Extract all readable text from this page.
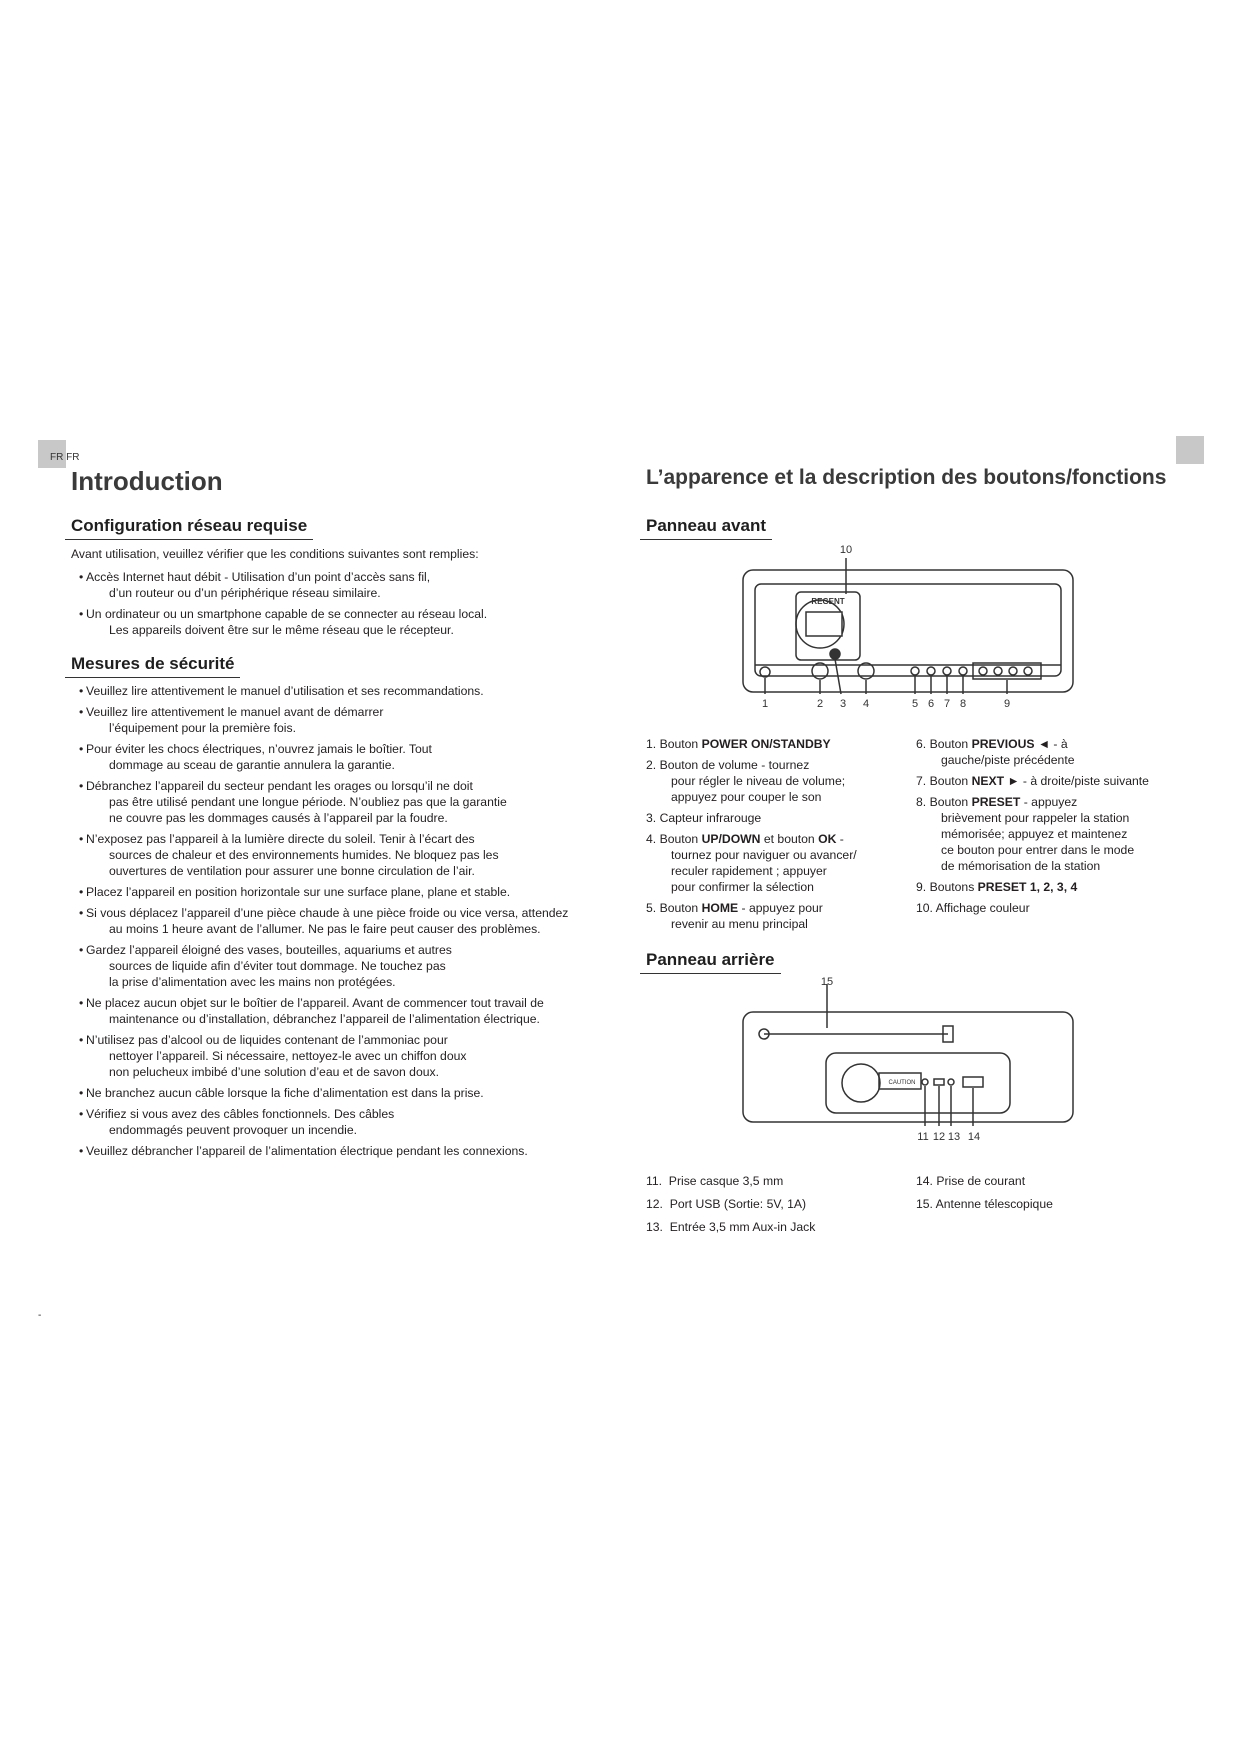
FR FR
Introduction
Configuration réseau requise

Avant utilisation, veuillez vérifier que les conditions suivantes sont remplies:

• Accès Internet haut débit - Utilisation d’un point d’accès sans fil,
d’un routeur ou d’un périphérique réseau similaire.
• Un ordinateur ou un smartphone capable de se connecter au réseau local.
Les appareils doivent être sur le même réseau que le récepteur.
Mesures de sécurité
• Veuillez lire attentivement le manuel d’utilisation et ses recommandations.
• Veuillez lire attentivement le manuel avant de démarrer
l’équipement pour la première fois.
• Pour éviter les chocs électriques, n’ouvrez jamais le boîtier. Tout
dommage au sceau de garantie annulera la garantie.
• Débranchez l’appareil du secteur pendant les orages ou lorsqu’il ne doit
pas être utilisé pendant une longue période. N’oubliez pas que la garantie
ne couvre pas les dommages causés à l’appareil par la foudre.
• N’exposez pas l’appareil à la lumière directe du soleil. Tenir à l’écart des
sources de chaleur et des environnements humides. Ne bloquez pas les
ouvertures de ventilation pour assurer une bonne circulation de l’air.
• Placez l’appareil en position horizontale sur une surface plane, plane et stable.
• Si vous déplacez l’appareil d’une pièce chaude à une pièce froide ou vice versa, attendez
au moins 1 heure avant de l’allumer. Ne pas le faire peut causer des problèmes.
• Gardez l’appareil éloigné des vases, bouteilles, aquariums et autres
sources de liquide afin d’éviter tout dommage. Ne touchez pas
la prise d’alimentation avec les mains non protégées.
• Ne placez aucun objet sur le boîtier de l’appareil. Avant de commencer tout travail de
maintenance ou d’installation, débranchez l’appareil de l’alimentation électrique.
• N’utilisez pas d’alcool ou de liquides contenant de l’ammoniac pour
nettoyer l’appareil. Si nécessaire, nettoyez-le avec un chiffon doux
non pelucheux imbibé d’une solution d’eau et de savon doux.
• Ne branchez aucun câble lorsque la fiche d’alimentation est dans la prise.
• Vérifiez si vous avez des câbles fonctionnels. Des câbles
endommagés peuvent provoquer un incendie.
• Veuillez débrancher l’appareil de l’alimentation électrique pendant les connexions.
-
L’apparence et la description des boutons/fonctions
Panneau avant
REGENT
10
1	2 3 4	5 6 7 8	9
1. Bouton POWER ON/STANDBY
2. Bouton de volume - tournez
pour régler le niveau de volume;
appuyez pour couper le son
3. Capteur infrarouge
4. Bouton UP/DOWN et bouton OK -
tournez pour naviguer ou avancer/
reculer rapidement ; appuyer
pour confirmer la sélection
5. Bouton HOME - appuyez pour
revenir au menu principal
6. Bouton PREVIOUS ◄ - à
gauche/piste précédente
7. Bouton NEXT ► - à droite/piste suivante
8. Bouton PRESET - appuyez
brièvement pour rappeler la station
mémorisée; appuyez et maintenez
ce bouton pour entrer dans le mode
de mémorisation de la station
9. Boutons PRESET 1, 2, 3, 4
10. Affichage couleur
Panneau arrière
CAUTION
15
11 12 13 14
11.  Prise casque 3,5 mm
12.  Port USB (Sortie: 5V, 1A)
13.  Entrée 3,5 mm Aux-in Jack
14. Prise de courant
15. Antenne télescopique
